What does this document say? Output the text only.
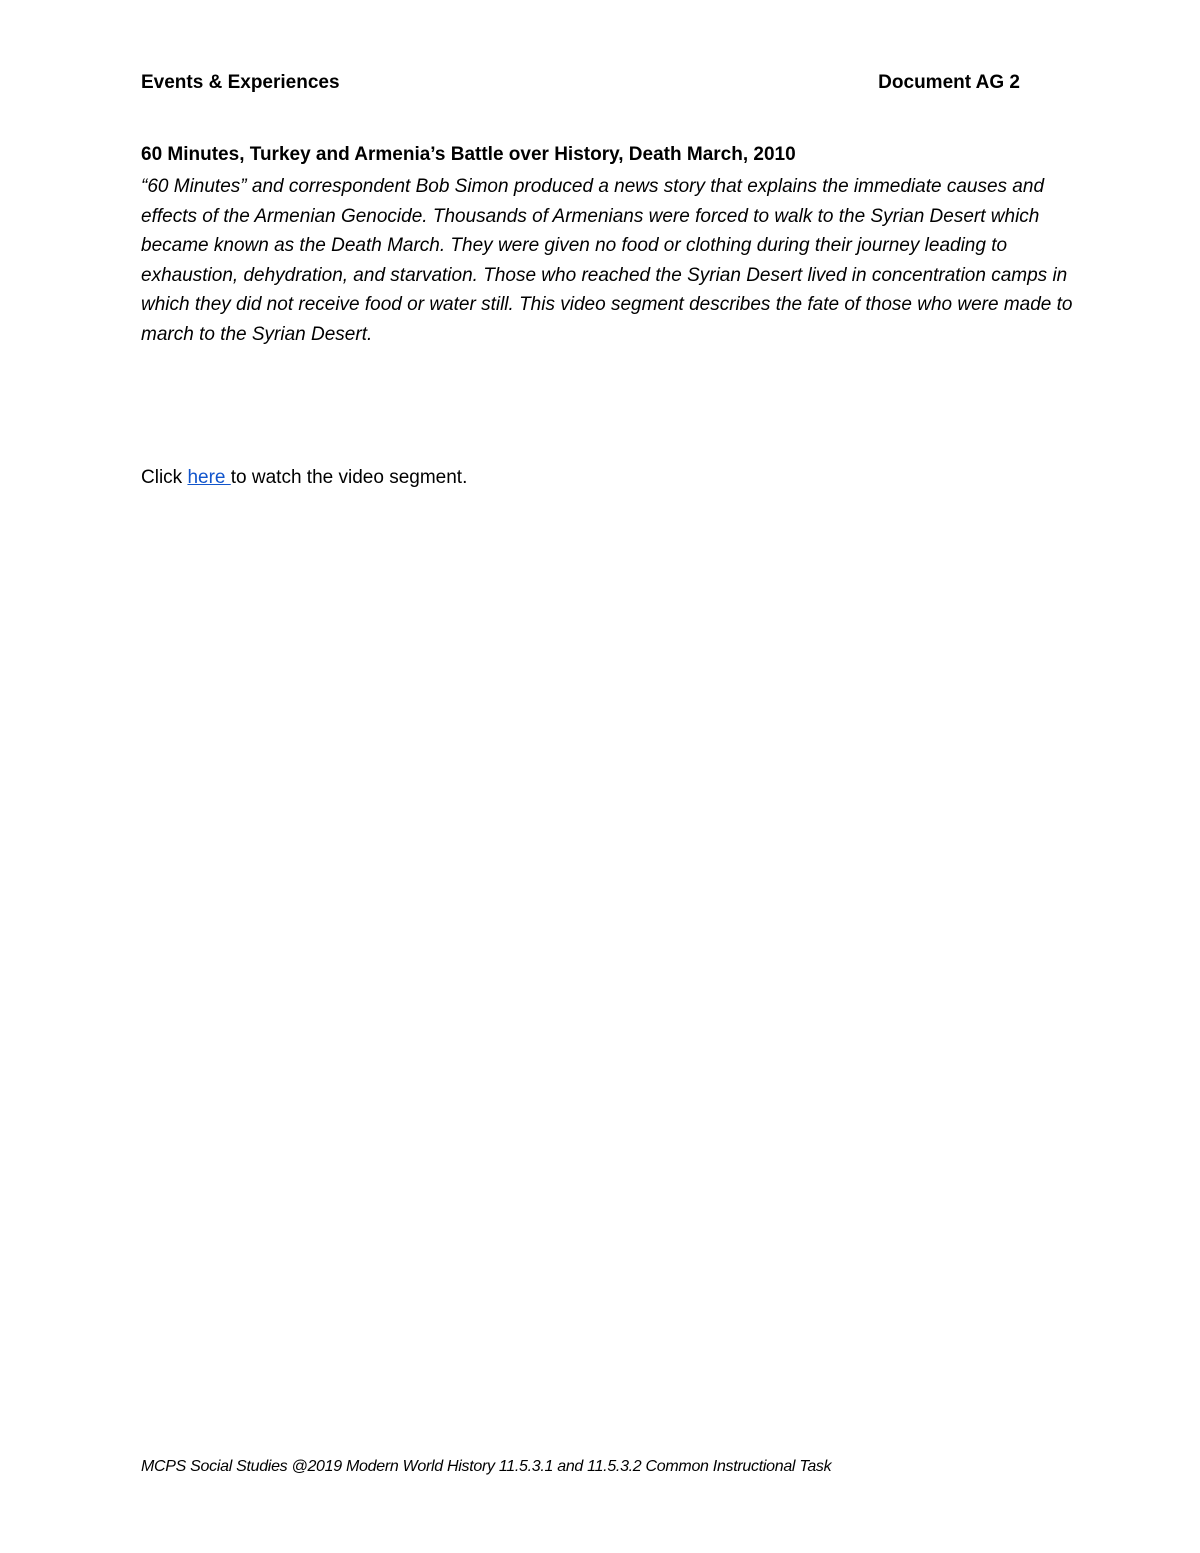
Events & Experiences	Document AG 2
60 Minutes, Turkey and Armenia’s Battle over History, Death March, 2010
“60 Minutes” and correspondent Bob Simon produced a news story that explains the immediate causes and effects of the Armenian Genocide. Thousands of Armenians were forced to walk to the Syrian Desert which became known as the Death March. They were given no food or clothing during their journey leading to exhaustion, dehydration, and starvation. Those who reached the Syrian Desert lived in concentration camps in which they did not receive food or water still. This video segment describes the fate of those who were made to march to the Syrian Desert.
Click here to watch the video segment.
MCPS Social Studies @2019 Modern World History 11.5.3.1 and 11.5.3.2 Common Instructional Task
